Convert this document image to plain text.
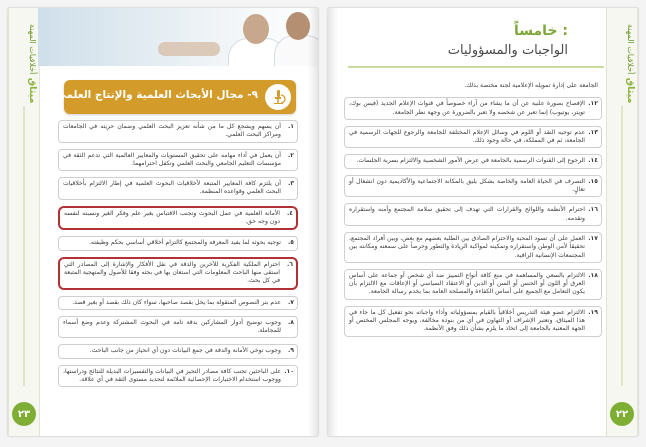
ميثاق أخلاقيات المهنة
٢٣
٩- مجال الأبحاث العلمية والإنتاج العلمي
١.
أن يسهم ويشجع كل ما من شأنه تعزيز البحث العلمي وضمان حريته في الجامعات ومراكز البحث العلمي.
٢.
أن يعمل في أداء مهامه على تحقيق المستويات والمعايير العالمية التي تدعم الثقة في مؤسسات التعليم الجامعي والبحث العلمي وتكفل احترامهما.
٣.
أن يلتزم كافة المعايير المتبعة لأخلاقيات البحوث العلمية في إطار الالتزام بأخلاقيات البحث العلمي وقواعده المنظمة.
٤.
الأمانة العلمية في عمل البحوث وتجنب الاقتباس بغير علم وفكر الغير ونسبته لنفسه دون وجه حق.
٥.
توجيه بحوثه لما يفيد المعرفة والمجتمع كالتزام أخلاقي أساسي بحكم وظيفته.
٦.
احترام الملكية الفكرية للآخرين والدقة في نقل الأفكار والإشارة إلى المصادر التي استقى منها الباحث المعلومات التي استعان بها في بحثه وفقا للأصول والمنهجية المتبعة في كل بحث.
٧.
عدم بتر النصوص المنقولة بما يخل بقصد صاحبها، سواء كان ذلك بقصد أو بغير قصد.
٨.
وجوب توضيح أدوار المشاركين بدقة تامة في البحوث المشتركة وعدم وضع أسماء للمجاملة.
٩.
وجوب توخي الأمانة والدقة في جمع البيانات دون أي انحياز من جانب الباحث.
١٠.
على الباحثين تجنب كافة مصادر التحيز في البيانات والتفسيرات البديلة للنتائج ودراستها، ووجوب استخدام الاختبارات الإحصائية الملائمة لتحديد مستوى الثقة في أي علاقة.
ميثاق أخلاقيات المهنة
٢٢

خامساً :

الواجبات والمسؤوليات

الجامعة على إدارة تمويله الإعلامية لجنة مختصة بذلك.
١٢.
الإفصاح بصورة علنية عن أن ما يشاء من آراء خصوصاً في قنوات الإعلام الجديد (فيس بوك، تويتر، يوتيوب) إنما تعبر عن شخصه ولا تعبر بالضرورة عن وجهة نظر الجامعة.
١٣.
عدم توجيه النقد أو اللوم في وسائل الإعلام المختلفة للجامعة والرجوع للجهات الرسمية في الجامعة، ثم في المملكة، في حالة وجود ذلك.
١٤.
الرجوع إلى القنوات الرسمية بالجامعة في عرض الأمور الشخصية والالتزام بسرية الجلسات.
١٥.
التصرف في الحياة العامة والخاصة بشكل يليق بالمكانة الاجتماعية والأكاديمية دون انشغال أو تعالٍ.
١٦.
احترام الأنظمة واللوائح والقرارات التي تهدف إلى تحقيق سلامة المجتمع وأمنه واستقراره وتقدمه.
١٧.
العمل على أن تسود المحبة والاحترام الصادق بين الطلبة بعضهم مع بعض، وبين أفراد المجتمع، تحقيقاً لأمن الوطن واستقراره وتمكينه لمواكبة الريادة والتطور وحرصاً على سمعته ومكانته بين المجتمعات الإنسانية الراقية.
١٨.
الالتزام بالسعي والمساهمة في منع كافة أنواع التمييز ضد أي شخص أو جماعة على أساس العرق أو اللون أو الجنس أو السن أو الدين أو الاعتقاد السياسي أو الإعاقات مع الالتزام بأن يكون التعامل مع الجميع على أساس الكفاءة والمصلحة العامة بما يخدم رسالة الجامعة.
١٩.
الالتزام عضو هيئة التدريس أخلاقياً بالقيام بمسؤولياته وأداء واجباته نحو تفعيل كل ما جاء في هذا الميثاق، وتعتبر الإشراف أو التهاون في أي من بنوده مخالفة، ويوجه المجلس المختص أو الجهة المعنية بالجامعة إلى اتخاذ ما يلزم بشأن ذلك وفق الأنظمة.
